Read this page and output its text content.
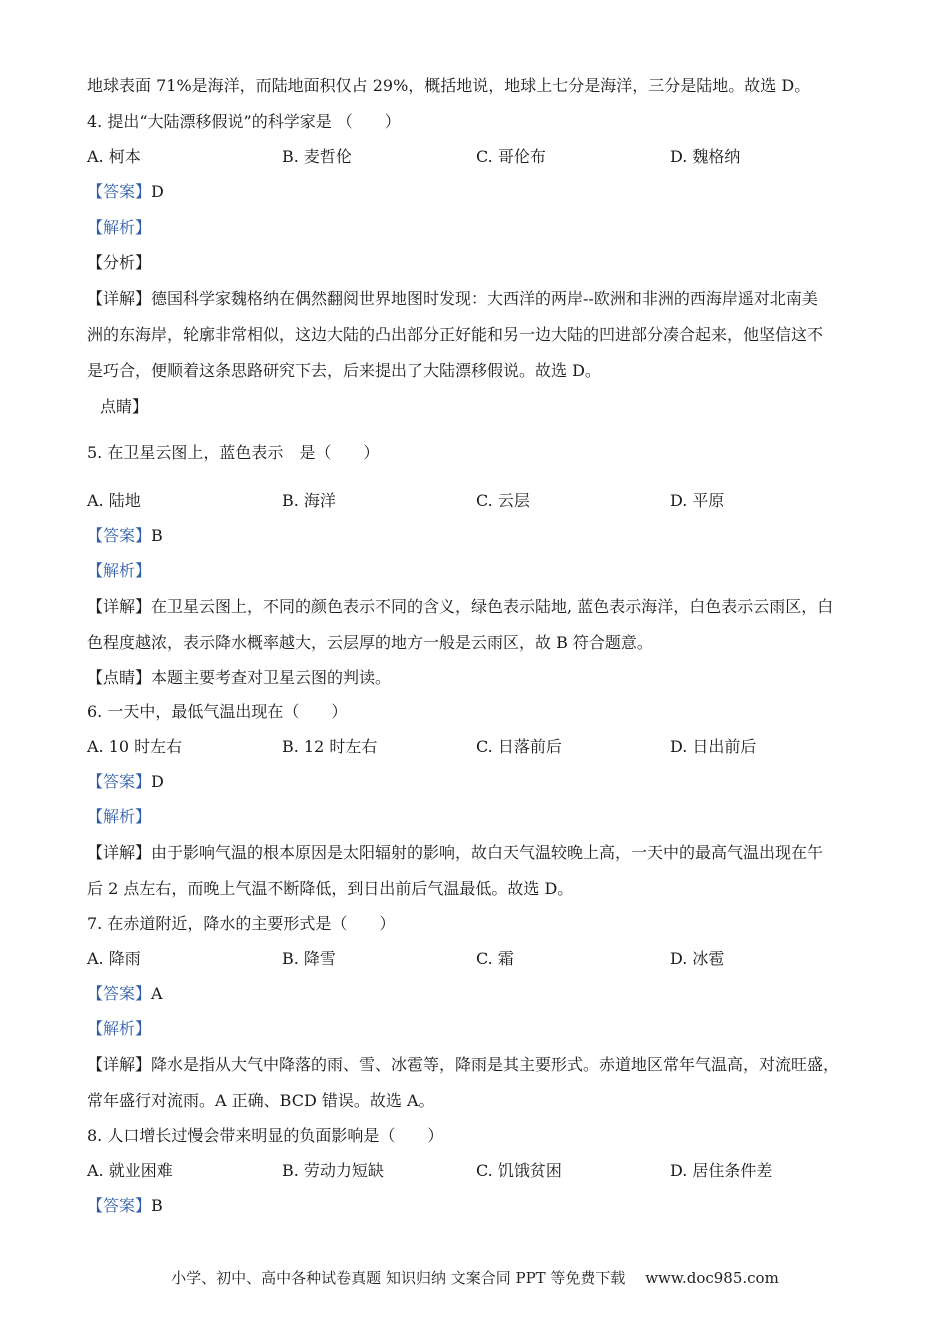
地球表面 71%是海洋，而陆地面积仅占 29%，概括地说，地球上七分是海洋，三分是陆地。故选 D。
4. 提出“大陆漂移假说”的科学家是 （　　）
A. 柯本	B. 麦哲伦	C. 哥伦布	D. 魏格纳
【答案】D
【解析】
【分析】
【详解】德国科学家魏格纳在偶然翻阅世界地图时发现：大西洋的两岸--欧洲和非洲的西海岸遥对北南美
洲的东海岸，轮廓非常相似，这边大陆的凸出部分正好能和另一边大陆的凹进部分凑合起来，他坚信这不
是巧合，便顺着这条思路研究下去，后来提出了大陆漂移假说。故选 D。
点睛】
5. 在卫星云图上，蓝色表示　是（　　）
A. 陆地	B. 海洋	C. 云层	D. 平原
【答案】B
【解析】
【详解】在卫星云图上，不同的颜色表示不同的含义，绿色表示陆地, 蓝色表示海洋，白色表示云雨区，白
色程度越浓，表示降水概率越大，云层厚的地方一般是云雨区，故 B 符合题意。
【点睛】本题主要考查对卫星云图的判读。
6. 一天中，最低气温出现在（　　）
A. 10 时左右	B. 12 时左右	C. 日落前后	D. 日出前后
【答案】D
【解析】
【详解】由于影响气温的根本原因是太阳辐射的影响，故白天气温较晚上高，一天中的最高气温出现在午
后 2 点左右，而晚上气温不断降低，到日出前后气温最低。故选 D。
7. 在赤道附近，降水的主要形式是（　　）
A. 降雨	B. 降雪	C. 霜	D. 冰雹
【答案】A
【解析】
【详解】降水是指从大气中降落的雨、雪、冰雹等，降雨是其主要形式。赤道地区常年气温高，对流旺盛，
常年盛行对流雨。A 正确、BCD 错误。故选 A。
8. 人口增长过慢会带来明显的负面影响是（　　）
A. 就业困难	B. 劳动力短缺	C. 饥饿贫困	D. 居住条件差
【答案】B
小学、初中、高中各种试卷真题 知识归纳 文案合同 PPT 等免费下载　 www.doc985.com
